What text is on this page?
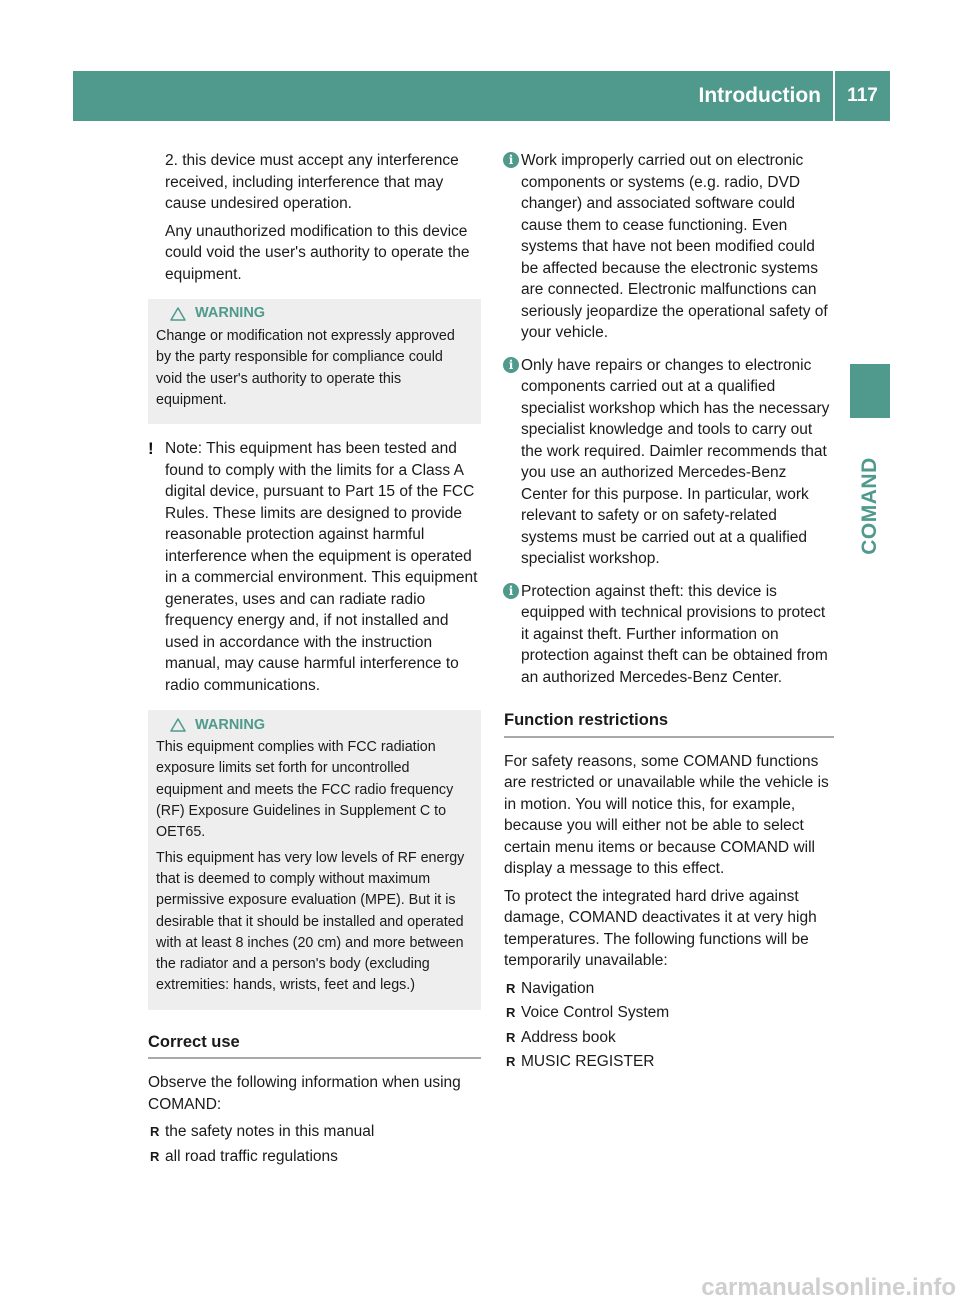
Introduction	117
COMAND

2. this device must accept any interference received, including interference that may cause undesired operation.

Any unauthorized modification to this device could void the user's authority to operate the equipment.

WARNING

Change or modification not expressly approved by the party responsible for compliance could void the user's authority to operate this equipment.

! Note: This equipment has been tested and found to comply with the limits for a Class A digital device, pursuant to Part 15 of the FCC Rules. These limits are designed to provide reasonable protection against harmful interference when the equipment is operated in a commercial environment. This equipment generates, uses and can radiate radio frequency energy and, if not installed and used in accordance with the instruction manual, may cause harmful interference to radio communications.
WARNING

This equipment complies with FCC radiation exposure limits set forth for uncontrolled equipment and meets the FCC radio frequency (RF) Exposure Guidelines in Supplement C to OET65.

This equipment has very low levels of RF energy that is deemed to comply without maximum permissive exposure evaluation (MPE). But it is desirable that it should be installed and operated with at least 8 inches (20 cm) and more between the radiator and a person's body (excluding extremities: hands, wrists, feet and legs.)

Correct use

Observe the following information when using COMAND:

R the safety notes in this manual
R all road traffic regulations
i Work improperly carried out on electronic components or systems (e.g. radio, DVD changer) and associated software could cause them to cease functioning. Even systems that have not been modified could be affected because the electronic systems are connected. Electronic malfunctions can seriously jeopardize the operational safety of your vehicle.
i Only have repairs or changes to electronic components carried out at a qualified specialist workshop which has the necessary specialist knowledge and tools to carry out the work required. Daimler recommends that you use an authorized Mercedes-Benz Center for this purpose. In particular, work relevant to safety or on safety-related systems must be carried out at a qualified specialist workshop.
i Protection against theft: this device is equipped with technical provisions to protect it against theft. Further information on protection against theft can be obtained from an authorized Mercedes-Benz Center.
Function restrictions

For safety reasons, some COMAND functions are restricted or unavailable while the vehicle is in motion. You will notice this, for example, because you will either not be able to select certain menu items or because COMAND will display a message to this effect.

To protect the integrated hard drive against damage, COMAND deactivates it at very high temperatures. The following functions will be temporarily unavailable:

R Navigation
R Voice Control System
R Address book
R MUSIC REGISTER
carmanualsonline.info
